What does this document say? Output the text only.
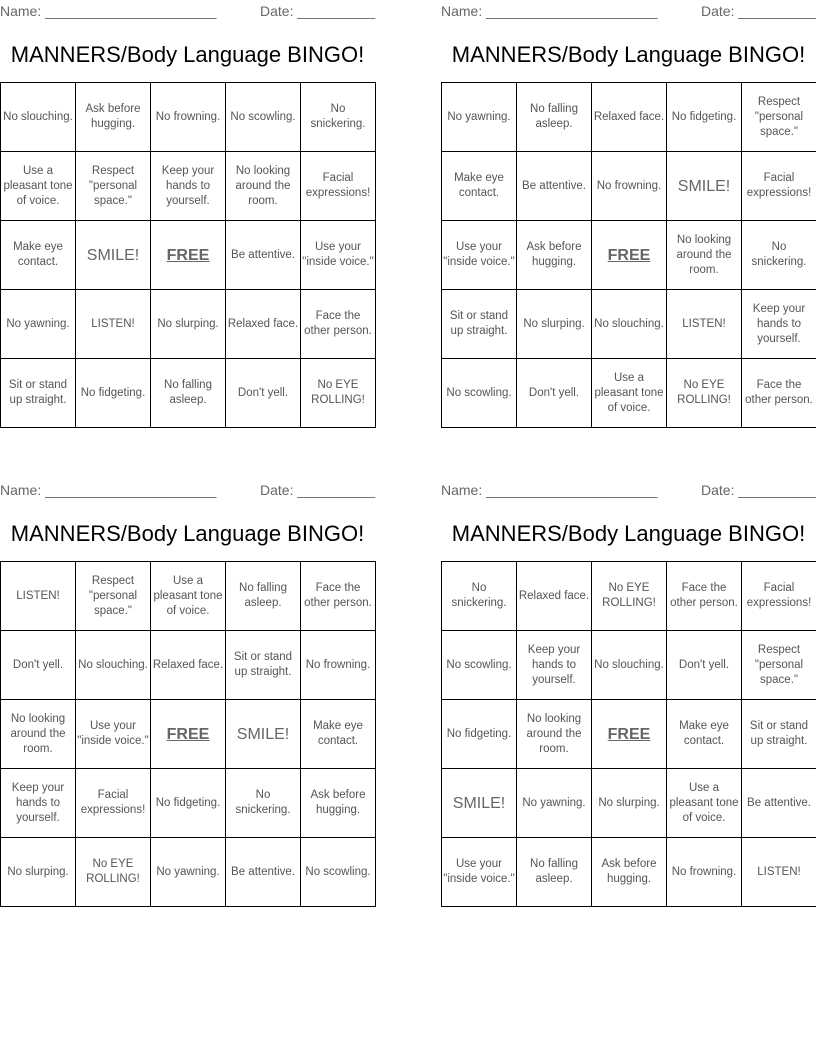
Name: ______________________	Date: __________
MANNERS/Body Language BINGO!
No slouching.	Ask before hugging.	No frowning.	No scowling.	No snickering.
Use a pleasant tone of voice.	Respect "personal space."	Keep your hands to yourself.	No looking around the room.	Facial expressions!
Make eye contact.	SMILE!	FREE	Be attentive.	Use your "inside voice."
No yawning.	LISTEN!	No slurping.	Relaxed face.	Face the other person.
Sit or stand up straight.	No fidgeting.	No falling asleep.	Don't yell.	No EYE ROLLING!
Name: ______________________	Date: __________
MANNERS/Body Language BINGO!
No yawning.	No falling asleep.	Relaxed face.	No fidgeting.	Respect "personal space."
Make eye contact.	Be attentive.	No frowning.	SMILE!	Facial expressions!
Use your "inside voice."	Ask before hugging.	FREE	No looking around the room.	No snickering.
Sit or stand up straight.	No slurping.	No slouching.	LISTEN!	Keep your hands to yourself.
No scowling.	Don't yell.	Use a pleasant tone of voice.	No EYE ROLLING!	Face the other person.
Name: ______________________	Date: __________
MANNERS/Body Language BINGO!
LISTEN!	Respect "personal space."	Use a pleasant tone of voice.	No falling asleep.	Face the other person.
Don't yell.	No slouching.	Relaxed face.	Sit or stand up straight.	No frowning.
No looking around the room.	Use your "inside voice."	FREE	SMILE!	Make eye contact.
Keep your hands to yourself.	Facial expressions!	No fidgeting.	No snickering.	Ask before hugging.
No slurping.	No EYE ROLLING!	No yawning.	Be attentive.	No scowling.
Name: ______________________	Date: __________
MANNERS/Body Language BINGO!
No snickering.	Relaxed face.	No EYE ROLLING!	Face the other person.	Facial expressions!
No scowling.	Keep your hands to yourself.	No slouching.	Don't yell.	Respect "personal space."
No fidgeting.	No looking around the room.	FREE	Make eye contact.	Sit or stand up straight.
SMILE!	No yawning.	No slurping.	Use a pleasant tone of voice.	Be attentive.
Use your "inside voice."	No falling asleep.	Ask before hugging.	No frowning.	LISTEN!
